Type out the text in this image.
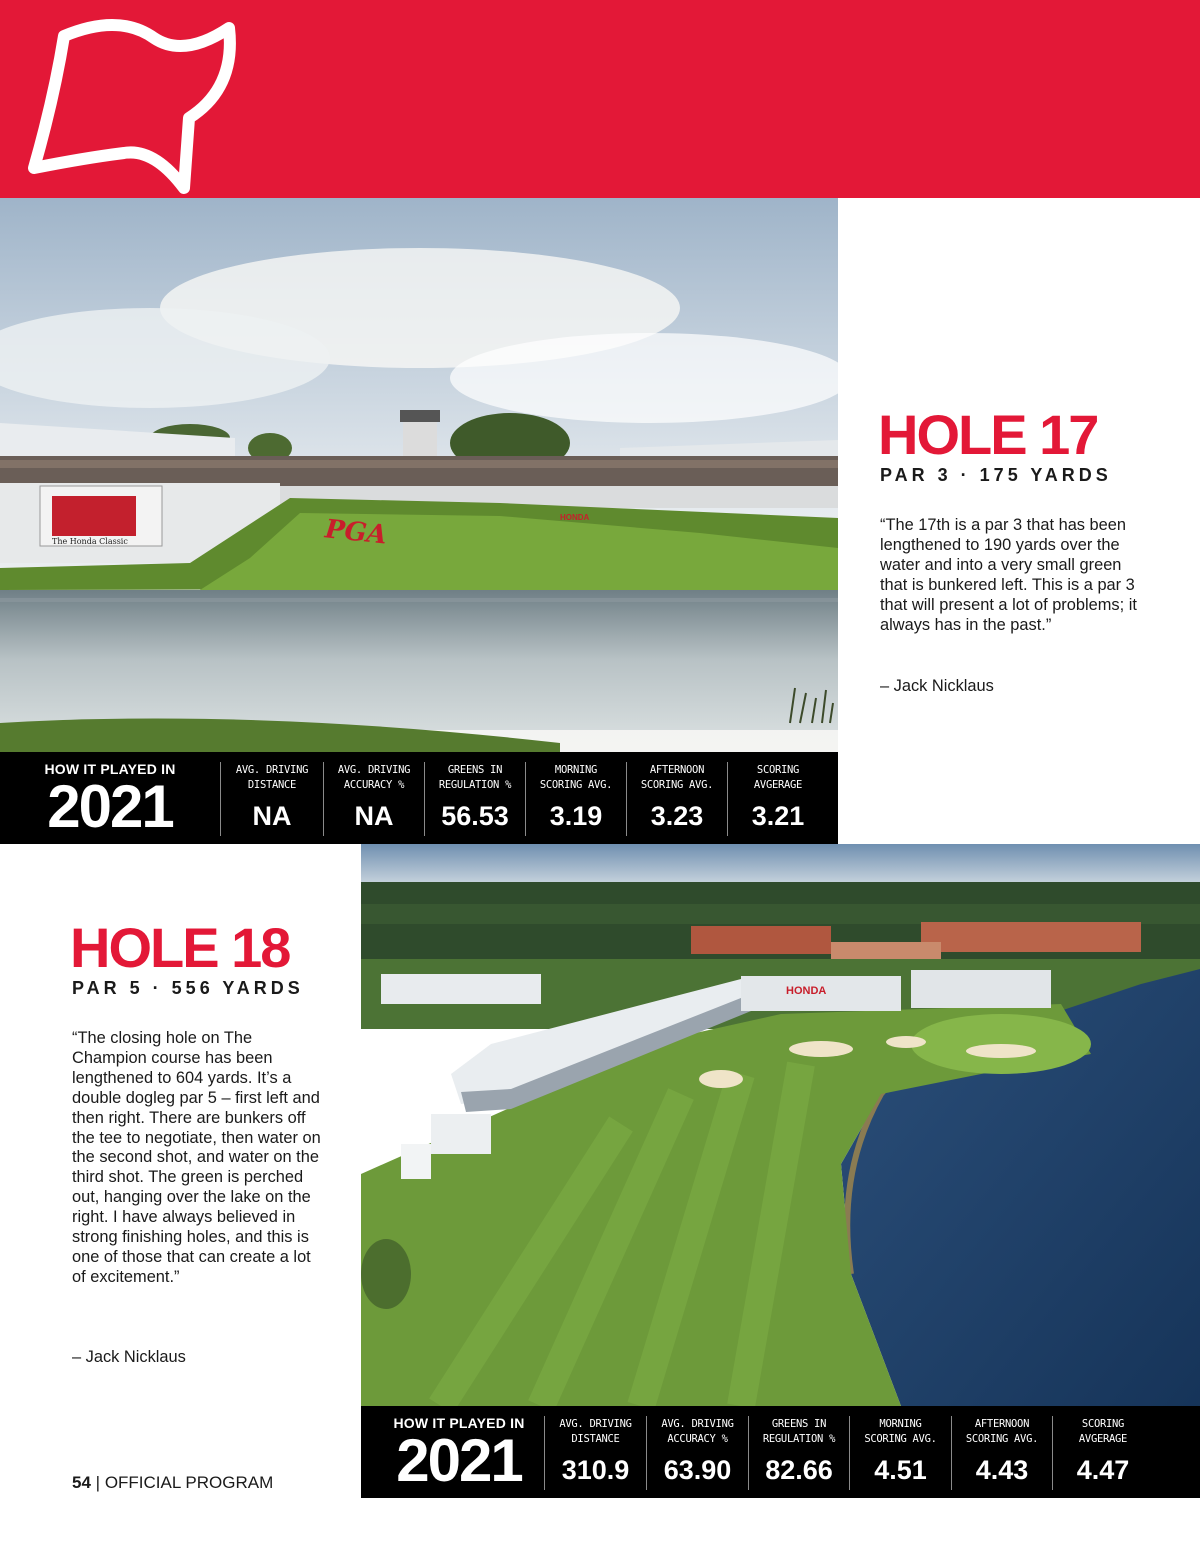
The Honda Classic	PGA	HONDA
HOW IT PLAYED IN
2021
AVG. DRIVING
DISTANCE
NA
AVG. DRIVING
ACCURACY %
NA
GREENS IN
REGULATION %
56.53
MORNING
SCORING AVG.
3.19
AFTERNOON
SCORING AVG.
3.23
SCORING
AVGERAGE
3.21
HOLE 17
PAR 3 · 175 YARDS
“The 17th is a par 3 that has been lengthened to 190 yards over the water and into a very small green that is bunkered left. This is a par 3 that will present a lot of problems; it always has in the past.”
– Jack Nicklaus
HOLE 18
PAR 5 · 556 YARDS
“The closing hole on The Champion course has been lengthened to 604 yards. It’s a double dogleg par 5 – first left and then right. There are bunkers off the tee to negotiate, then water on the second shot, and water on the third shot. The green is perched out, hanging over the lake on the right. I have always believed in strong finishing holes, and this is one of those that can create a lot of excitement.”
– Jack Nicklaus
HONDA
HOW IT PLAYED IN
2021
AVG. DRIVING
DISTANCE
310.9
AVG. DRIVING
ACCURACY %
63.90
GREENS IN
REGULATION %
82.66
MORNING
SCORING AVG.
4.51
AFTERNOON
SCORING AVG.
4.43
SCORING
AVGERAGE
4.47
54 | OFFICIAL PROGRAM
